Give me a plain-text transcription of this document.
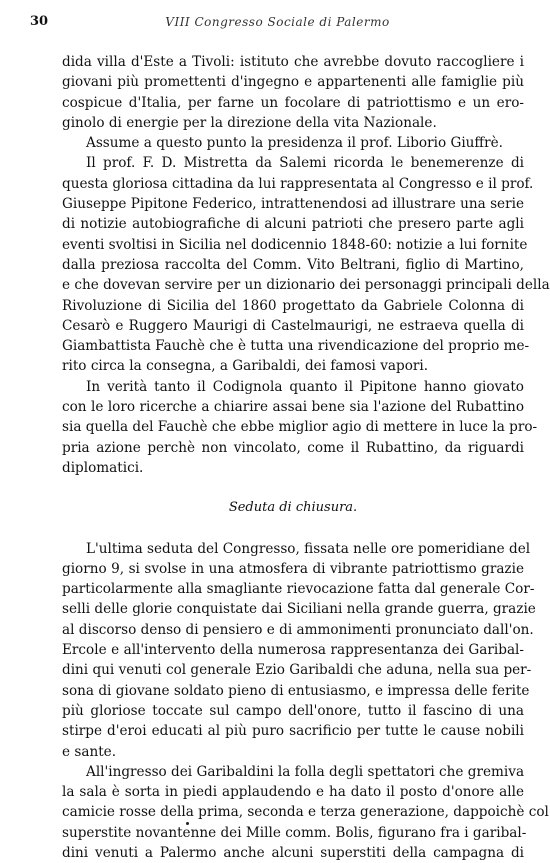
30	VIII Congresso Sociale di Palermo
dida villa d'Este a Tivoli: istituto che avrebbe dovuto raccogliere i
giovani più promettenti d'ingegno e appartenenti alle famiglie più
cospicue d'Italia, per farne un focolare di patriottismo e un ero-
ginolo di energie per la direzione della vita Nazionale.
Assume a questo punto la presidenza il prof. Liborio Giuffrè.
Il prof. F. D. Mistretta da Salemi ricorda le benemerenze di
questa gloriosa cittadina da lui rappresentata al Congresso e il prof.
Giuseppe Pipitone Federico, intrattenendosi ad illustrare una serie
di notizie autobiografiche di alcuni patrioti che presero parte agli
eventi svoltisi in Sicilia nel dodicennio 1848-60: notizie a lui fornite
dalla preziosa raccolta del Comm. Vito Beltrani, figlio di Martino,
e che dovevan servire per un dizionario dei personaggi principali della
Rivoluzione di Sicilia del 1860 progettato da Gabriele Colonna di
Cesarò e Ruggero Maurigi di Castelmaurigi, ne estraeva quella di
Giambattista Fauchè che è tutta una rivendicazione del proprio me-
rito circa la consegna, a Garibaldi, dei famosi vapori.
In verità tanto il Codignola quanto il Pipitone hanno giovato
con le loro ricerche a chiarire assai bene sia l'azione del Rubattino
sia quella del Fauchè che ebbe miglior agio di mettere in luce la pro-
pria azione perchè non vincolato, come il Rubattino, da riguardi
diplomatici.
Seduta di chiusura.
L'ultima seduta del Congresso, fissata nelle ore pomeridiane del
giorno 9, si svolse in una atmosfera di vibrante patriottismo grazie
particolarmente alla smagliante rievocazione fatta dal generale Cor-
selli delle glorie conquistate dai Siciliani nella grande guerra, grazie
al discorso denso di pensiero e di ammonimenti pronunciato dall'on.
Ercole e all'intervento della numerosa rappresentanza dei Garibal-
dini qui venuti col generale Ezio Garibaldi che aduna, nella sua per-
sona di giovane soldato pieno di entusiasmo, e impressa delle ferite
più gloriose toccate sul campo dell'onore, tutto il fascino di una
stirpe d'eroi educati al più puro sacrificio per tutte le cause nobili
e sante.
All'ingresso dei Garibaldini la folla degli spettatori che gremiva
la sala è sorta in piedi applaudendo e ha dato il posto d'onore alle
camicie rosse della prima, seconda e terza generazione, dappoichè col
superstite novantenne dei Mille comm. Bolis, figurano fra i garibal-
dini venuti a Palermo anche alcuni superstiti della campagna di
